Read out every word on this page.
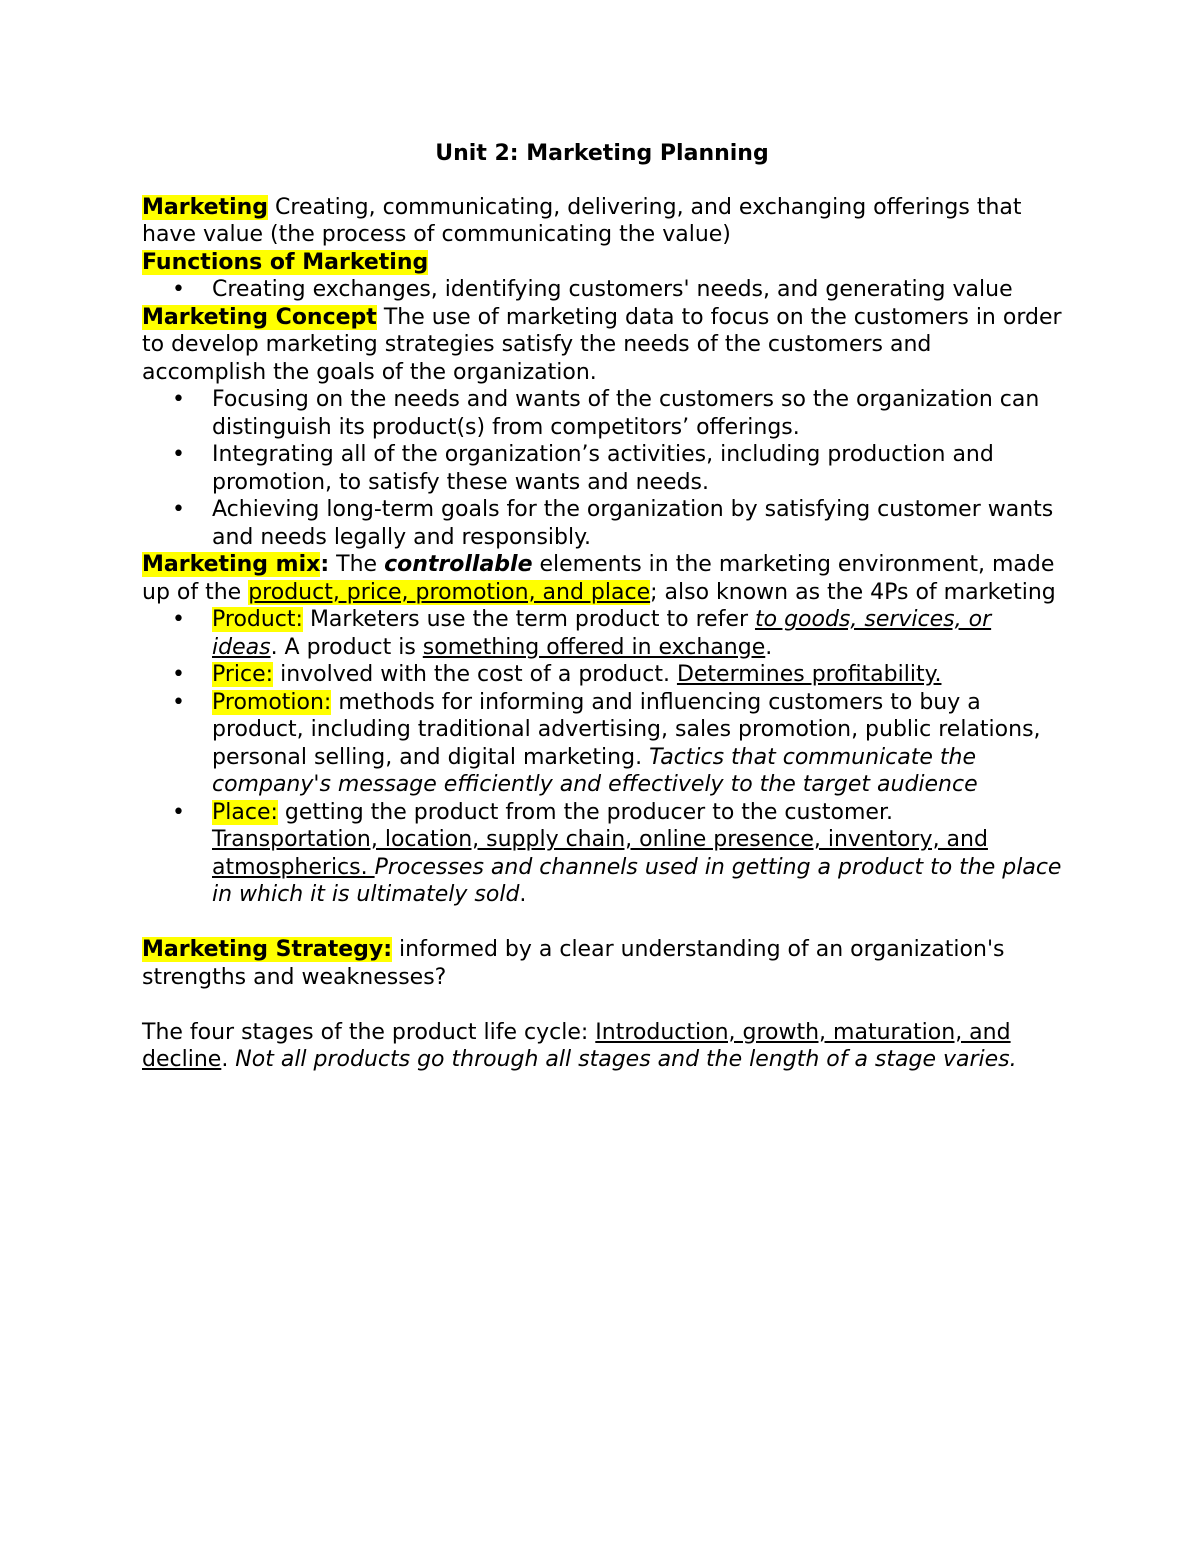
Unit 2: Marketing Planning

Marketing Creating, communicating, delivering, and exchanging offerings that have value (the process of communicating the value)

Functions of Marketing

• Creating exchanges, identifying customers' needs, and generating value

Marketing Concept The use of marketing data to focus on the customers in order to develop marketing strategies satisfy the needs of the customers and accomplish the goals of the organization.

• Focusing on the needs and wants of the customers so the organization can distinguish its product(s) from competitors’ offerings.
• Integrating all of the organization’s activities, including production and promotion, to satisfy these wants and needs.
• Achieving long-term goals for the organization by satisfying customer wants and needs legally and responsibly.

Marketing mix: The controllable elements in the marketing environment, made up of the product, price, promotion, and place; also known as the 4Ps of marketing

• Product: Marketers use the term product to refer to goods, services, or ideas. A product is something offered in exchange.
• Price: involved with the cost of a product. Determines profitability.
• Promotion: methods for informing and influencing customers to buy a product, including traditional advertising, sales promotion, public relations, personal selling, and digital marketing. Tactics that communicate the company's message efficiently and effectively to the target audience
• Place: getting the product from the producer to the customer. Transportation, location, supply chain, online presence, inventory, and atmospherics. Processes and channels used in getting a product to the place in which it is ultimately sold.

Marketing Strategy: informed by a clear understanding of an organization's strengths and weaknesses?

The four stages of the product life cycle: Introduction, growth, maturation, and decline. Not all products go through all stages and the length of a stage varies.
